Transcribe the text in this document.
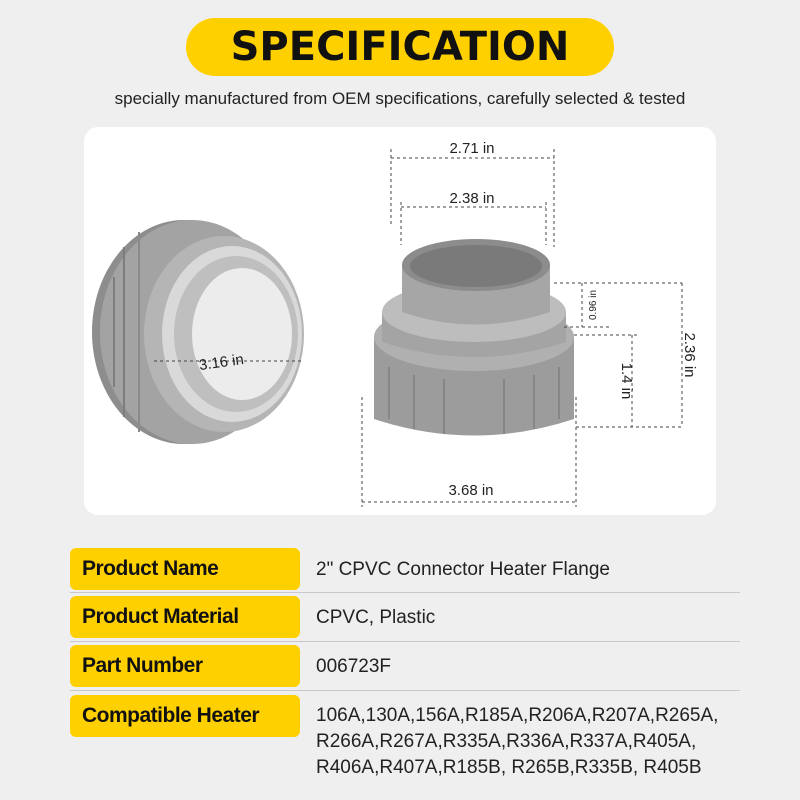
SPECIFICATION
specially manufactured from OEM specifications, carefully selected & tested
2.71 in
2.38 in
0.96 in
1.4 in
2.36 in
3.68 in
3.16 in
Product Name	2" CPVC Connector Heater Flange
Product Material	CPVC, Plastic
Part Number	006723F
Compatible Heater	106A,130A,156A,R185A,R206A,R207A,R265A, R266A,R267A,R335A,R336A,R337A,R405A, R406A,R407A,R185B, R265B,R335B, R405B
